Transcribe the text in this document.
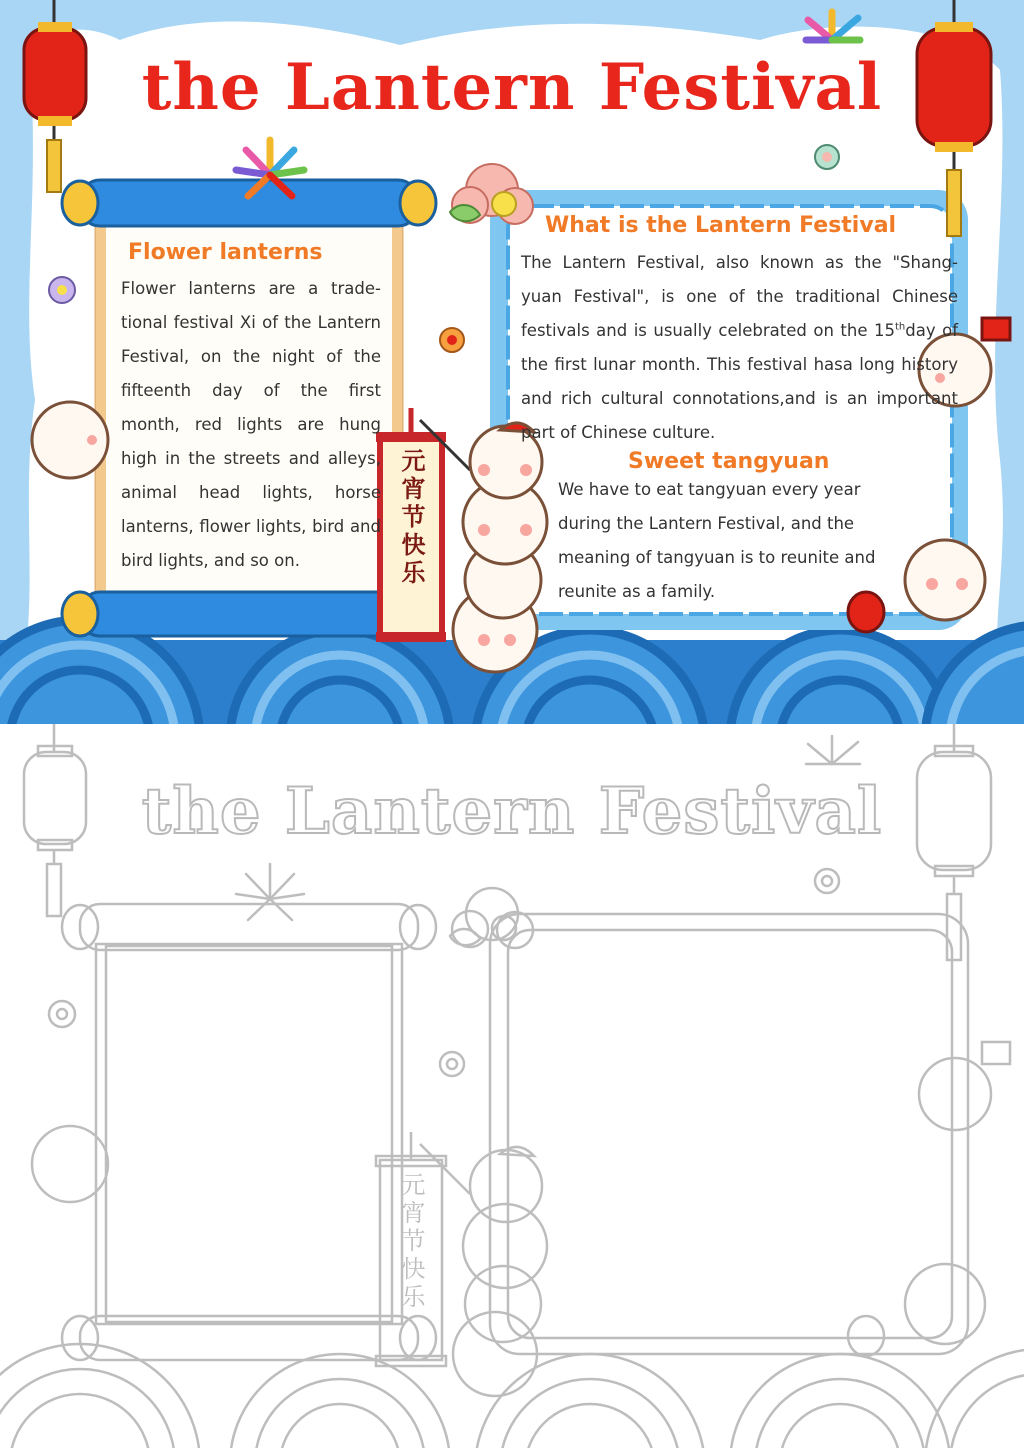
the Lantern Festival

Flower lanterns

Flower lanterns are a trade-tional festival Xi of the Lantern Festival, on the night of the fifteenth day of the first month, red lights are hung high in the streets and alleys, animal head lights, horse lanterns, flower lights, bird and bird lights, and so on.

What is the Lantern Festival

The Lantern Festival, also known as the "Shang-yuan Festival", is one of the traditional Chinese festivals and is usually celebrated on the 15thday of the first lunar month. This festival hasa long history and rich cultural connotations,and is an important part of Chinese culture.

Sweet tangyuan

We have to eat tangyuan every year during the Lantern Festival, and the meaning of tangyuan is to reunite and reunite as a family.

元宵节快乐

the Lantern Festival

元宵节快乐
